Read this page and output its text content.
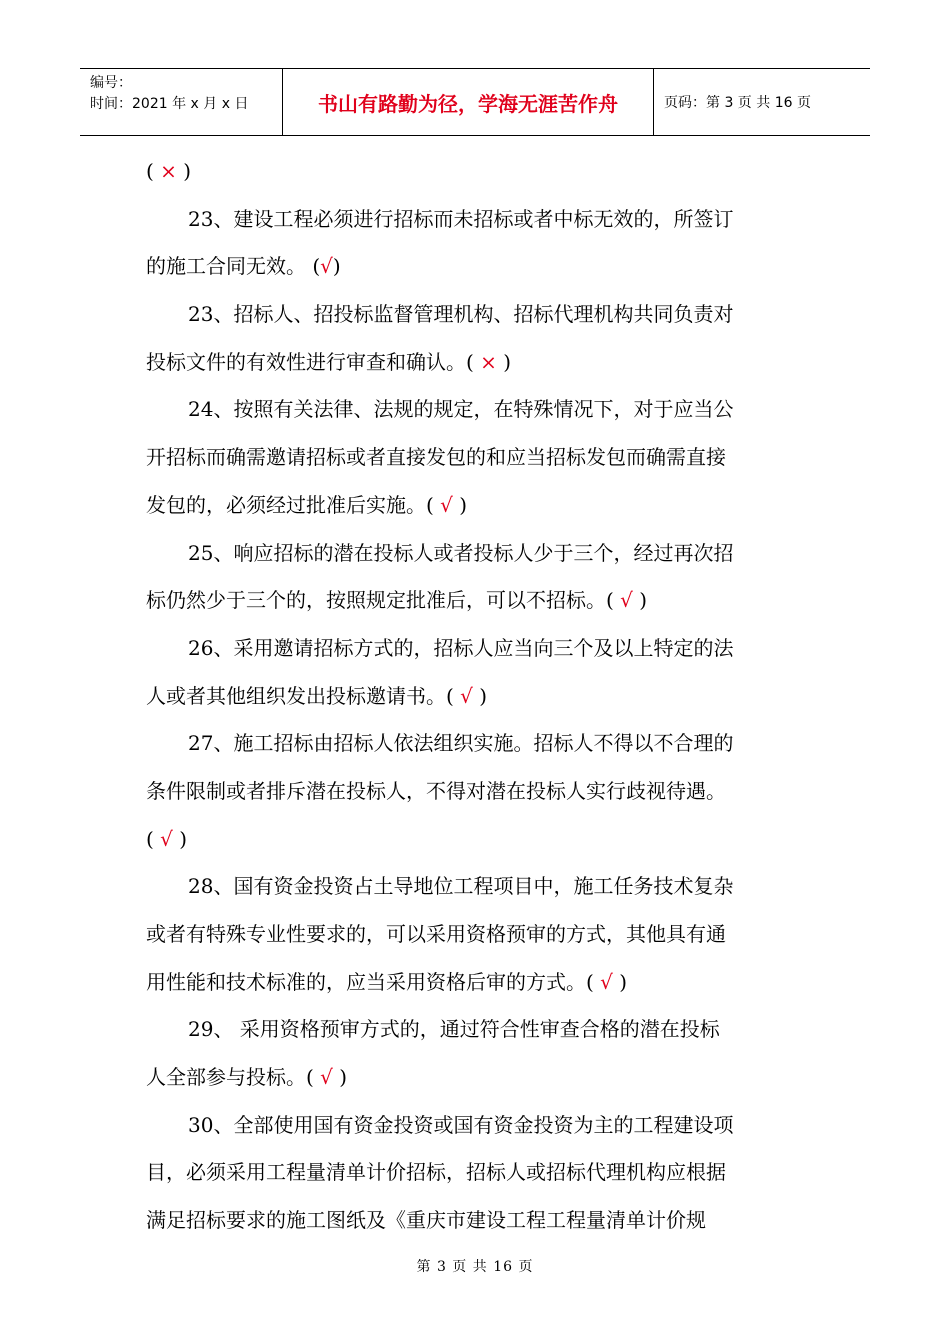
编号：
时间：2021 年 x 月 x 日	书山有路勤为径，学海无涯苦作舟	页码：第 3 页 共 16 页
( × )
23、建设工程必须进行招标而未招标或者中标无效的，所签订
的施工合同无效。 (√)
23、招标人、招投标监督管理机构、招标代理机构共同负责对
投标文件的有效性进行审查和确认。( × )
24、按照有关法律、法规的规定，在特殊情况下，对于应当公
开招标而确需邀请招标或者直接发包的和应当招标发包而确需直接
发包的，必须经过批准后实施。( √ )
25、响应招标的潜在投标人或者投标人少于三个，经过再次招
标仍然少于三个的，按照规定批准后，可以不招标。( √ )
26、采用邀请招标方式的，招标人应当向三个及以上特定的法
人或者其他组织发出投标邀请书。( √ )
27、施工招标由招标人依法组织实施。招标人不得以不合理的
条件限制或者排斥潜在投标人，不得对潜在投标人实行歧视待遇。
( √ )
28、国有资金投资占土导地位工程项目中，施工任务技术复杂
或者有特殊专业性要求的，可以采用资格预审的方式，其他具有通
用性能和技术标准的，应当采用资格后审的方式。( √ )
29、 采用资格预审方式的，通过符合性审查合格的潜在投标
人全部参与投标。( √ )
30、全部使用国有资金投资或国有资金投资为主的工程建设项
目，必须采用工程量清单计价招标，招标人或招标代理机构应根据
满足招标要求的施工图纸及《重庆市建设工程工程量清单计价规
第 3 页 共 16 页
